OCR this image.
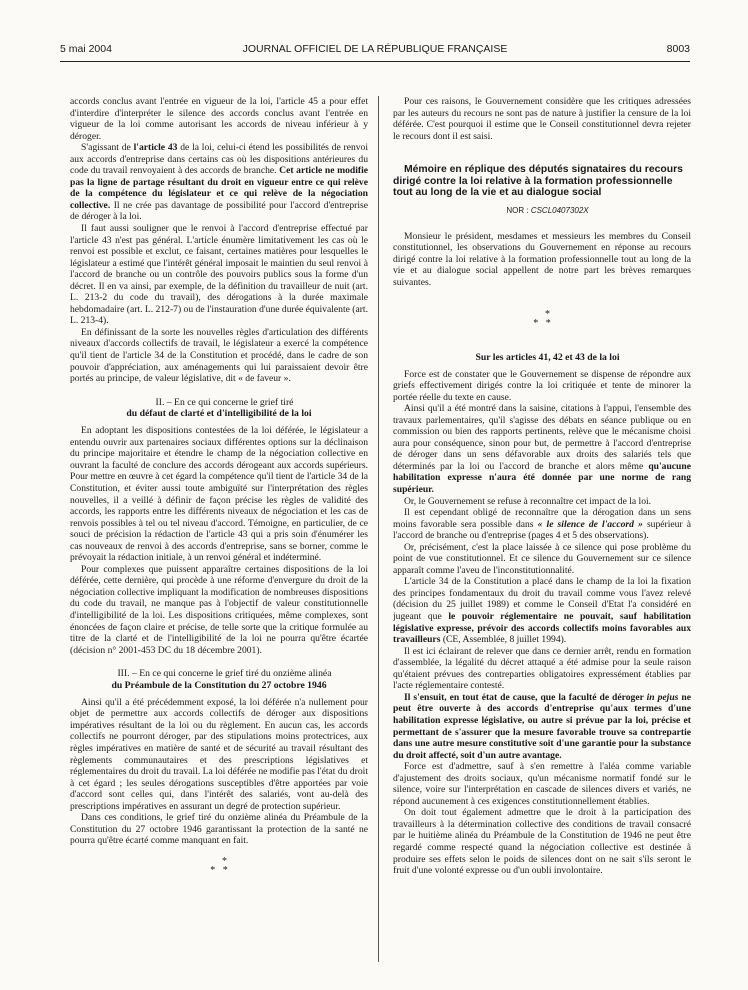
5 mai 2004	JOURNAL OFFICIEL DE LA RÉPUBLIQUE FRANÇAISE	8003

accords conclus avant l'entrée en vigueur de la loi, l'article 45 a pour effet d'interdire d'interpréter le silence des accords conclus avant l'entrée en vigueur de la loi comme autorisant les accords de niveau inférieur à y déroger.

S'agissant de l'article 43 de la loi, celui-ci étend les possibilités de renvoi aux accords d'entreprise dans certains cas où les dispositions antérieures du code du travail renvoyaient à des accords de branche. Cet article ne modifie pas la ligne de partage résultant du droit en vigueur entre ce qui relève de la compétence du législateur et ce qui relève de la négociation collective. Il ne crée pas davantage de possibilité pour l'accord d'entreprise de déroger à la loi.

Il faut aussi souligner que le renvoi à l'accord d'entreprise effectué par l'article 43 n'est pas général. L'article énumère limitativement les cas où le renvoi est possible et exclut, ce faisant, certaines matières pour lesquelles le législateur a estimé que l'intérêt général imposait le maintien du seul renvoi à l'accord de branche ou un contrôle des pouvoirs publics sous la forme d'un décret. Il en va ainsi, par exemple, de la définition du travailleur de nuit (art. L. 213-2 du code du travail), des dérogations à la durée maximale hebdomadaire (art. L. 212-7) ou de l'instauration d'une durée équivalente (art. L. 213-4).

En définissant de la sorte les nouvelles règles d'articulation des différents niveaux d'accords collectifs de travail, le législateur a exercé la compétence qu'il tient de l'article 34 de la Constitution et procédé, dans le cadre de son pouvoir d'appréciation, aux aménagements qui lui paraissaient devoir être portés au principe, de valeur législative, dit « de faveur ».

II. – En ce qui concerne le grief tiré
du défaut de clarté et d'intelligibilité de la loi

En adoptant les dispositions contestées de la loi déférée, le législateur a entendu ouvrir aux partenaires sociaux différentes options sur la déclinaison du principe majoritaire et étendre le champ de la négociation collective en ouvrant la faculté de conclure des accords dérogeant aux accords supérieurs. Pour mettre en œuvre à cet égard la compétence qu'il tient de l'article 34 de la Constitution, et éviter aussi toute ambiguïté sur l'interprétation des règles nouvelles, il a veillé à définir de façon précise les règles de validité des accords, les rapports entre les différents niveaux de négociation et les cas de renvois possibles à tel ou tel niveau d'accord. Témoigne, en particulier, de ce souci de précision la rédaction de l'article 43 qui a pris soin d'énumérer les cas nouveaux de renvoi à des accords d'entreprise, sans se borner, comme le prévoyait la rédaction initiale, à un renvoi général et indéterminé.

Pour complexes que puissent apparaître certaines dispositions de la loi déférée, cette dernière, qui procède à une réforme d'envergure du droit de la négociation collective impliquant la modification de nombreuses dispositions du code du travail, ne manque pas à l'objectif de valeur constitutionnelle d'intelligibilité de la loi. Les dispositions critiquées, même complexes, sont énoncées de façon claire et précise, de telle sorte que la critique formulée au titre de la clarté et de l'intelligibilité de la loi ne pourra qu'être écartée (décision n° 2001-453 DC du 18 décembre 2001).

III. – En ce qui concerne le grief tiré du onzième alinéa
du Préambule de la Constitution du 27 octobre 1946

Ainsi qu'il a été précédemment exposé, la loi déférée n'a nullement pour objet de permettre aux accords collectifs de déroger aux dispositions impératives résultant de la loi ou du règlement. En aucun cas, les accords collectifs ne pourront déroger, par des stipulations moins protectrices, aux règles impératives en matière de santé et de sécurité au travail résultant des règlements communautaires et des prescriptions législatives et réglementaires du droit du travail. La loi déférée ne modifie pas l'état du droit à cet égard ; les seules dérogations susceptibles d'être apportées par voie d'accord sont celles qui, dans l'intérêt des salariés, vont au-delà des prescriptions impératives en assurant un degré de protection supérieur.

Dans ces conditions, le grief tiré du onzième alinéa du Préambule de la Constitution du 27 octobre 1946 garantissant la protection de la santé ne pourra qu'être écarté comme manquant en fait.

*
* *

Pour ces raisons, le Gouvernement considère que les critiques adressées par les auteurs du recours ne sont pas de nature à justifier la censure de la loi déférée. C'est pourquoi il estime que le Conseil constitutionnel devra rejeter le recours dont il est saisi.

Mémoire en réplique des députés signataires du recours dirigé contre la loi relative à la formation professionnelle tout au long de la vie et au dialogue social

NOR : CSCL0407302X

Monsieur le président, mesdames et messieurs les membres du Conseil constitutionnel, les observations du Gouvernement en réponse au recours dirigé contre la loi relative à la formation professionnelle tout au long de la vie et au dialogue social appellent de notre part les brèves remarques suivantes.

*
* *

Sur les articles 41, 42 et 43 de la loi

Force est de constater que le Gouvernement se dispense de répondre aux griefs effectivement dirigés contre la loi critiquée et tente de minorer la portée réelle du texte en cause.

Ainsi qu'il a été montré dans la saisine, citations à l'appui, l'ensemble des travaux parlementaires, qu'il s'agisse des débats en séance publique ou en commission ou bien des rapports pertinents, relève que le mécanisme choisi aura pour conséquence, sinon pour but, de permettre à l'accord d'entreprise de déroger dans un sens défavorable aux droits des salariés tels que déterminés par la loi ou l'accord de branche et alors même qu'aucune habilitation expresse n'aura été donnée par une norme de rang supérieur.

Or, le Gouvernement se refuse à reconnaître cet impact de la loi.

Il est cependant obligé de reconnaître que la dérogation dans un sens moins favorable sera possible dans « le silence de l'accord » supérieur à l'accord de branche ou d'entreprise (pages 4 et 5 des observations).

Or, précisément, c'est la place laissée à ce silence qui pose problème du point de vue constitutionnel. Et ce silence du Gouvernement sur ce silence apparaît comme l'aveu de l'inconstitutionnalité.

L'article 34 de la Constitution a placé dans le champ de la loi la fixation des principes fondamentaux du droit du travail comme vous l'avez relevé (décision du 25 juillet 1989) et comme le Conseil d'Etat l'a considéré en jugeant que le pouvoir réglementaire ne pouvait, sauf habilitation législative expresse, prévoir des accords collectifs moins favorables aux travailleurs (CE, Assemblée, 8 juillet 1994).

Il est ici éclairant de relever que dans ce dernier arrêt, rendu en formation d'assemblée, la légalité du décret attaqué a été admise pour la seule raison qu'étaient prévues des contreparties obligatoires expressément établies par l'acte réglementaire contesté.

Il s'ensuit, en tout état de cause, que la faculté de déroger in pejus ne peut être ouverte à des accords d'entreprise qu'aux termes d'une habilitation expresse législative, ou autre si prévue par la loi, précise et permettant de s'assurer que la mesure favorable trouve sa contrepartie dans une autre mesure constitutive soit d'une garantie pour la substance du droit affecté, soit d'un autre avantage.

Force est d'admettre, sauf à s'en remettre à l'aléa comme variable d'ajustement des droits sociaux, qu'un mécanisme normatif fondé sur le silence, voire sur l'interprétation en cascade de silences divers et variés, ne répond aucunement à ces exigences constitutionnellement établies.

On doit tout également admettre que le droit à la participation des travailleurs à la détermination collective des conditions de travail consacré par le huitième alinéa du Préambule de la Constitution de 1946 ne peut être regardé comme respecté quand la négociation collective est destinée à produire ses effets selon le poids de silences dont on ne sait s'ils seront le fruit d'une volonté expresse ou d'un oubli involontaire.
